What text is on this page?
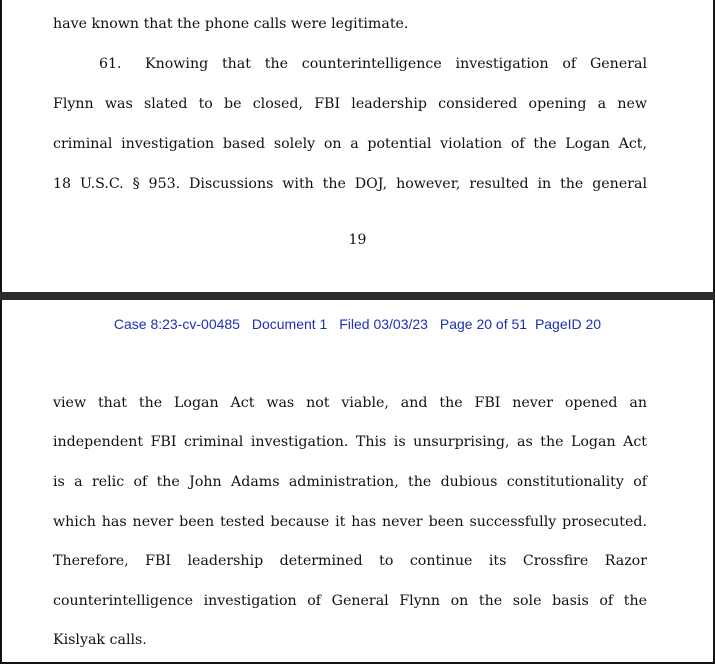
have known that the phone calls were legitimate.
61. Knowing that the counterintelligence investigation of General
Flynn was slated to be closed, FBI leadership considered opening a new
criminal investigation based solely on a potential violation of the Logan Act,
18 U.S.C. § 953. Discussions with the DOJ, however, resulted in the general
19
Case 8:23-cv-00485 Document 1 Filed 03/03/23 Page 20 of 51 PageID 20
view that the Logan Act was not viable, and the FBI never opened an
independent FBI criminal investigation. This is unsurprising, as the Logan Act
is a relic of the John Adams administration, the dubious constitutionality of
which has never been tested because it has never been successfully prosecuted.
Therefore, FBI leadership determined to continue its Crossfire Razor
counterintelligence investigation of General Flynn on the sole basis of the
Kislyak calls.
